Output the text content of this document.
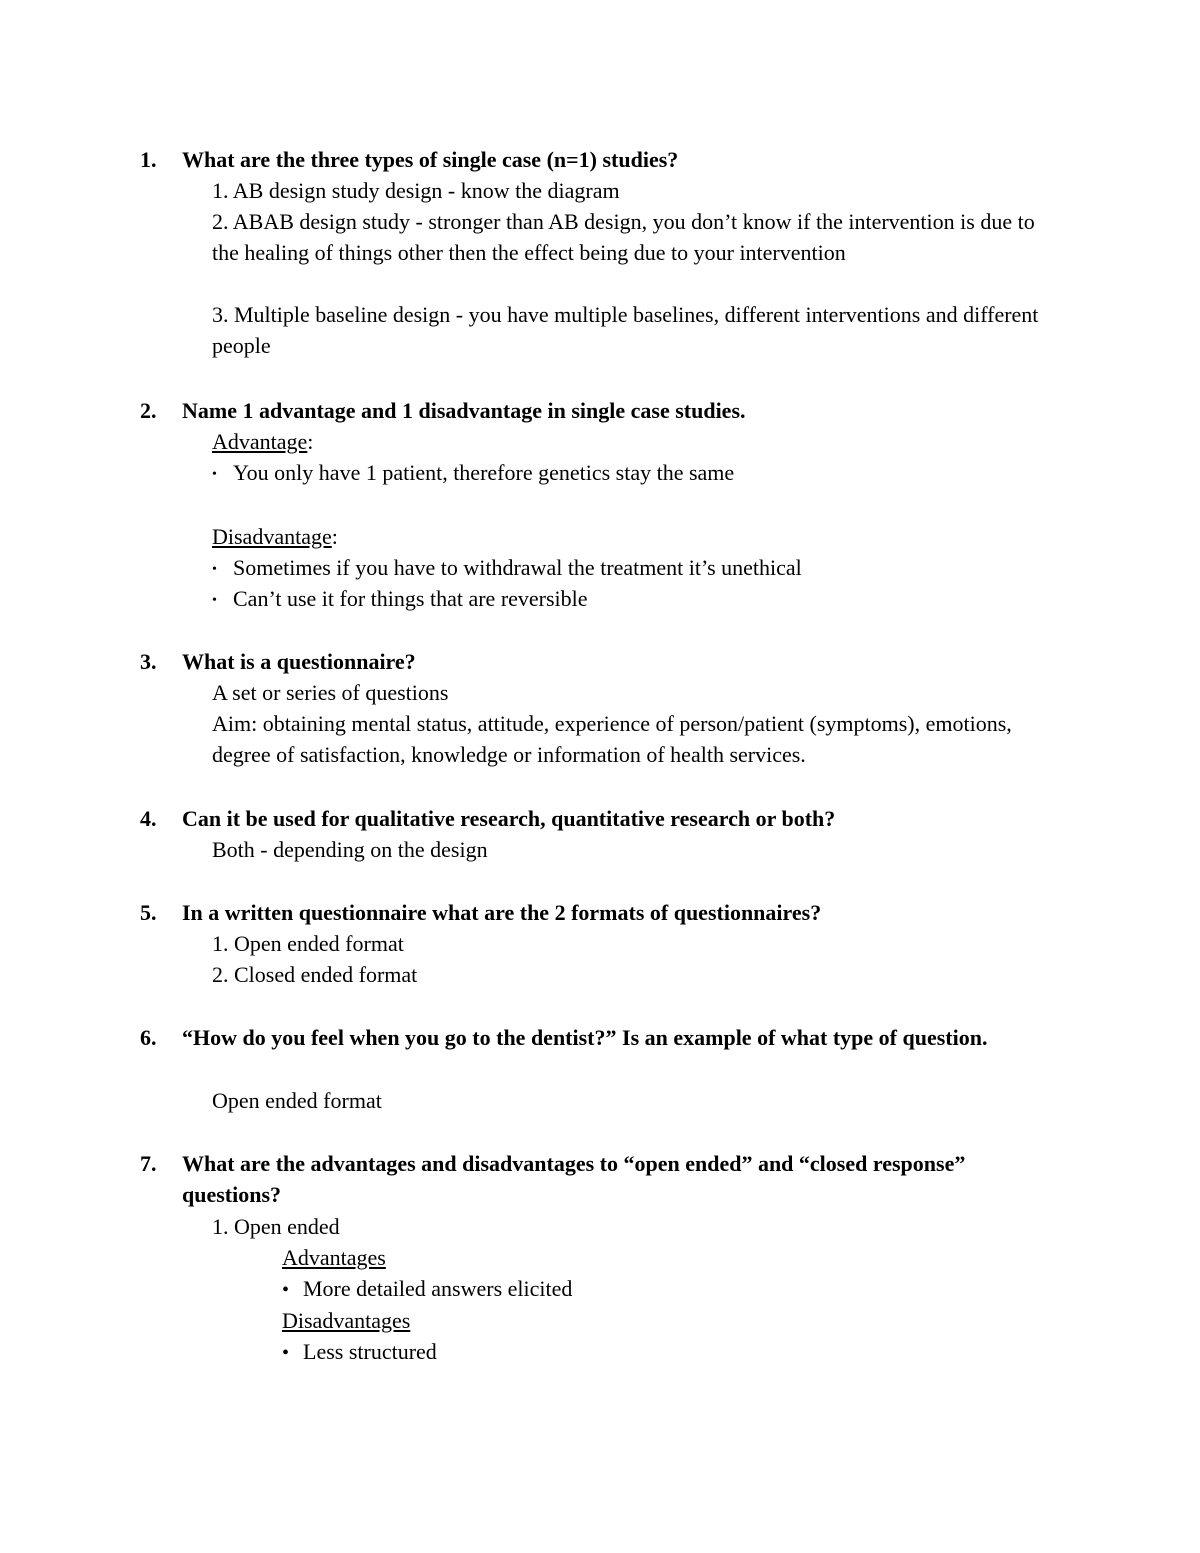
1. What are the three types of single case (n=1) studies?
1. AB design study design - know the diagram
2. ABAB design study - stronger than AB design, you don’t know if the intervention is due to the healing of things other then the effect being due to your intervention
3. Multiple baseline design - you have multiple baselines, different interventions and different people
2. Name 1 advantage and 1 disadvantage in single case studies.
Advantage:
• You only have 1 patient, therefore genetics stay the same
Disadvantage:
• Sometimes if you have to withdrawal the treatment it’s unethical
• Can’t use it for things that are reversible
3. What is a questionnaire?
A set or series of questions
Aim: obtaining mental status, attitude, experience of person/patient (symptoms), emotions, degree of satisfaction, knowledge or information of health services.
4. Can it be used for qualitative research, quantitative research or both?
Both - depending on the design
5. In a written questionnaire what are the 2 formats of questionnaires?
1. Open ended format
2. Closed ended format
6. “How do you feel when you go to the dentist?” Is an example of what type of question.
Open ended format
7. What are the advantages and disadvantages to “open ended” and “closed response” questions?
1. Open ended
Advantages
• More detailed answers elicited
Disadvantages
• Less structured
